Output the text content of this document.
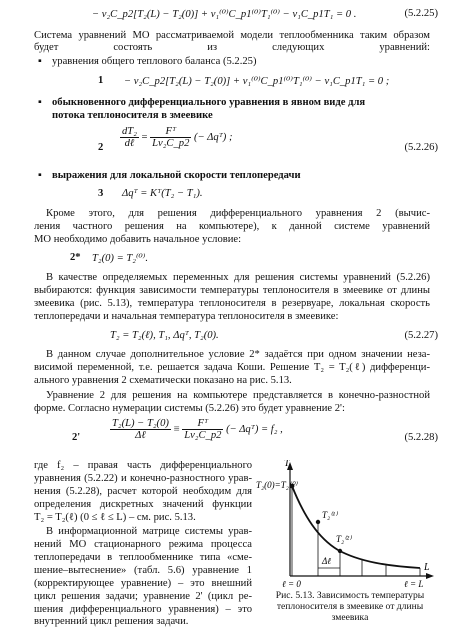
− ν₂C_p2[T₂(L) − T₂(0)] + ν₁⁽⁰⁾C_p1⁽⁰⁾T₁⁽⁰⁾ − ν₁C_p1T₁ = 0 .	(5.2.25)
Система уравнений МО рассматриваемой модели теплообменника таким образом будет состоять из следующих уравнений:
▪ уравнения общего теплового баланса (5.2.25)
1 − ν₂C_p2[T₂(L) − T₂(0)] + ν₁⁽⁰⁾C_p1⁽⁰⁾T₁⁽⁰⁾ − ν₁C_p1T₁ = 0 ;
▪ обыкновенного дифференциального уравнения в явном виде для
потока теплоносителя в змеевике
$2 \frac{\text{dT₂}}{\text{dℓ}} = \frac{\text{Fᵀ}}{\text{Lν₂C\_p2}}$ (− Δqᵀ) ;
(5.2.26)
▪ выражения для локальной скорости теплопередачи
3 Δqᵀ = Kᵀ(T₂ − T₁).
Кроме этого, для решения дифференциального уравнения 2 (вычис-
ления частного решения на компьютере), к данной системе уравнений
МО необходимо добавить начальное условие:
2* T₂(0) = T₂⁽⁰⁾.
В качестве определяемых переменных для решения системы уравнений (5.2.26)
выбираются: функция зависимости температуры теплоносителя в змеевике от длины
змеевика (рис. 5.13), температура теплоносителя в резервуаре, локальная скорость
теплопередачи и начальная температура теплоносителя в змеевике:
T₂ = T₂(ℓ), T₁, Δqᵀ, T₂(0).	(5.2.27)
В данном случае дополнительное условие 2* задаётся при одном значении неза-
висимой переменной, т.е. решается задача Коши. Решение T₂ = T₂(ℓ) дифференци-
ального уравнения 2 схематически показано на рис. 5.13.
Уравнение 2 для решения на компьютере представляется в конечно-разностной
форме. Согласно нумерации системы (5.2.26) это будет уравнение 2':
2'	$\frac{\text{T₂(L) − T₂(0)}}{\text{Δℓ}} \equiv \frac{\text{Fᵀ}}{\text{Lν₂C\_p2}}$ (− Δqᵀ) = f₂ ,
(5.2.28)
где f₂ – правая часть дифференциального
уравнения (5.2.22) и конечно-разностного урав-
нения (5.2.28), расчет которой необходим для
определения дискретных значений функции
T₂ = T₂(ℓ) (0 ≤ ℓ ≤ L) – см. рис. 5.13.
В информационной матрице системы урав-
нений МО стационарного режима процесса
теплопередачи в теплообменнике типа «сме-
шение–вытеснение» (табл. 5.6) уравнение 1
(корректирующее уравнение) – это внешний
цикл решения задачи; уравнение 2' (цикл ре-
шения дифференциального уравнения) – это
внутренний цикл решения задачи.
T
L
T₂(0)=T₂⁽⁰⁾
T₂⁽¹⁾
T₂⁽²⁾
Δℓ
ℓ = 0	ℓ = L
Рис. 5.13. Зависимость температуры
теплоносителя в змеевике от длины
змеевика
